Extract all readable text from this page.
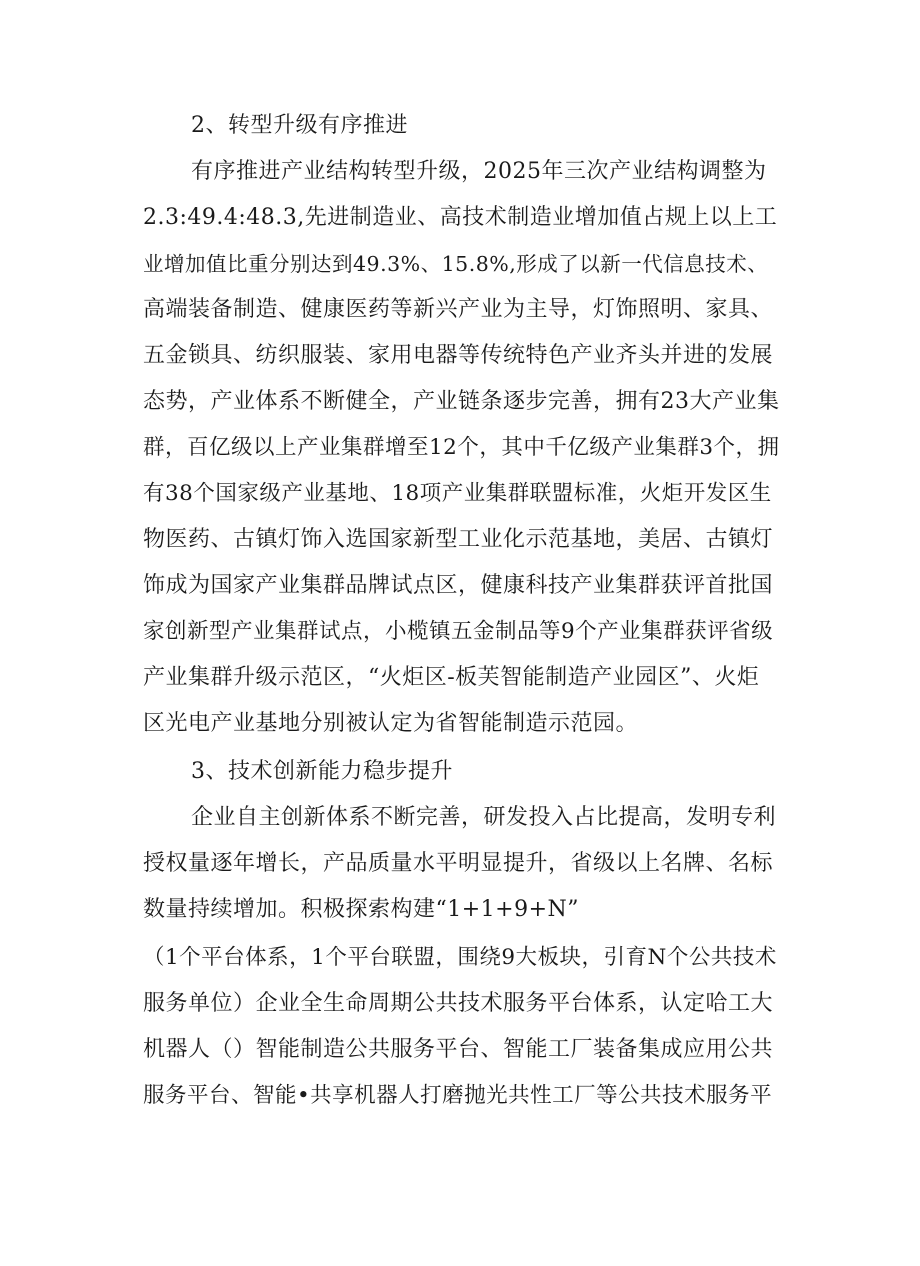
2、转型升级有序推进
有序推进产业结构转型升级，2025年三次产业结构调整为
2.3:49.4:48.3,先进制造业、高技术制造业增加值占规上以上工
业增加值比重分别达到49.3%、15.8%,形成了以新一代信息技术、
高端装备制造、健康医药等新兴产业为主导，灯饰照明、家具、
五金锁具、纺织服装、家用电器等传统特色产业齐头并进的发展
态势，产业体系不断健全，产业链条逐步完善，拥有23大产业集
群，百亿级以上产业集群增至12个，其中千亿级产业集群3个，拥
有38个国家级产业基地、18项产业集群联盟标准，火炬开发区生
物医药、古镇灯饰入选国家新型工业化示范基地，美居、古镇灯
饰成为国家产业集群品牌试点区，健康科技产业集群获评首批国
家创新型产业集群试点，小榄镇五金制品等9个产业集群获评省级
产业集群升级示范区，“火炬区-板芙智能制造产业园区”、火炬
区光电产业基地分别被认定为省智能制造示范园。
3、技术创新能力稳步提升
企业自主创新体系不断完善，研发投入占比提高，发明专利
授权量逐年增长，产品质量水平明显提升，省级以上名牌、名标
数量持续增加。积极探索构建“1+1+9+N”
（1个平台体系，1个平台联盟，围绕9大板块，引育N个公共技术
服务单位）企业全生命周期公共技术服务平台体系，认定哈工大
机器人（）智能制造公共服务平台、智能工厂装备集成应用公共
服务平台、智能•共享机器人打磨抛光共性工厂等公共技术服务平
